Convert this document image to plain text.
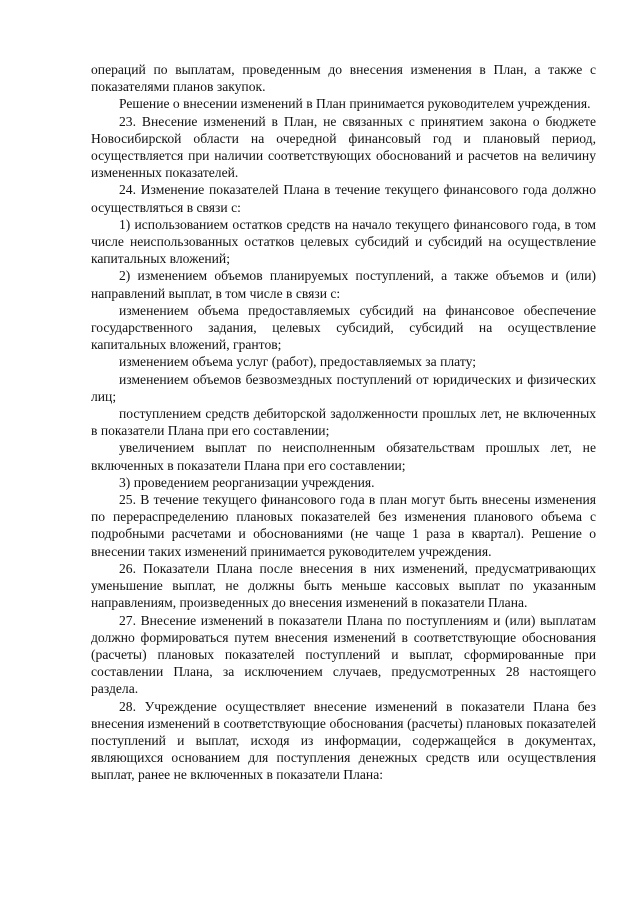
операций по выплатам, проведенным до внесения изменения в План, а также с показателями планов закупок.

Решение о внесении изменений в План принимается руководителем учреждения.

23. Внесение изменений в План, не связанных с принятием закона о бюджете Новосибирской области на очередной финансовый год и плановый период, осуществляется при наличии соответствующих обоснований и расчетов на величину измененных показателей.

24. Изменение показателей Плана в течение текущего финансового года должно осуществляться в связи с:

1) использованием остатков средств на начало текущего финансового года, в том числе неиспользованных остатков целевых субсидий и субсидий на осуществление капитальных вложений;

2) изменением объемов планируемых поступлений, а также объемов и (или) направлений выплат, в том числе в связи с:

изменением объема предоставляемых субсидий на финансовое обеспечение государственного задания, целевых субсидий, субсидий на осуществление капитальных вложений, грантов;

изменением объема услуг (работ), предоставляемых за плату;

изменением объемов безвозмездных поступлений от юридических и физических лиц;

поступлением средств дебиторской задолженности прошлых лет, не включенных в показатели Плана при его составлении;

увеличением выплат по неисполненным обязательствам прошлых лет, не включенных в показатели Плана при его составлении;

3) проведением реорганизации учреждения.

25. В течение текущего финансового года в план могут быть внесены изменения по перераспределению плановых показателей без изменения планового объема с подробными расчетами и обоснованиями (не чаще 1 раза в квартал). Решение о внесении таких изменений принимается руководителем учреждения.

26. Показатели Плана после внесения в них изменений, предусматривающих уменьшение выплат, не должны быть меньше кассовых выплат по указанным направлениям, произведенных до внесения изменений в показатели Плана.

27. Внесение изменений в показатели Плана по поступлениям и (или) выплатам должно формироваться путем внесения изменений в соответствующие обоснования (расчеты) плановых показателей поступлений и выплат, сформированные при составлении Плана, за исключением случаев, предусмотренных 28 настоящего раздела.

28. Учреждение осуществляет внесение изменений в показатели Плана без внесения изменений в соответствующие обоснования (расчеты) плановых показателей поступлений и выплат, исходя из информации, содержащейся в документах, являющихся основанием для поступления денежных средств или осуществления выплат, ранее не включенных в показатели Плана:
